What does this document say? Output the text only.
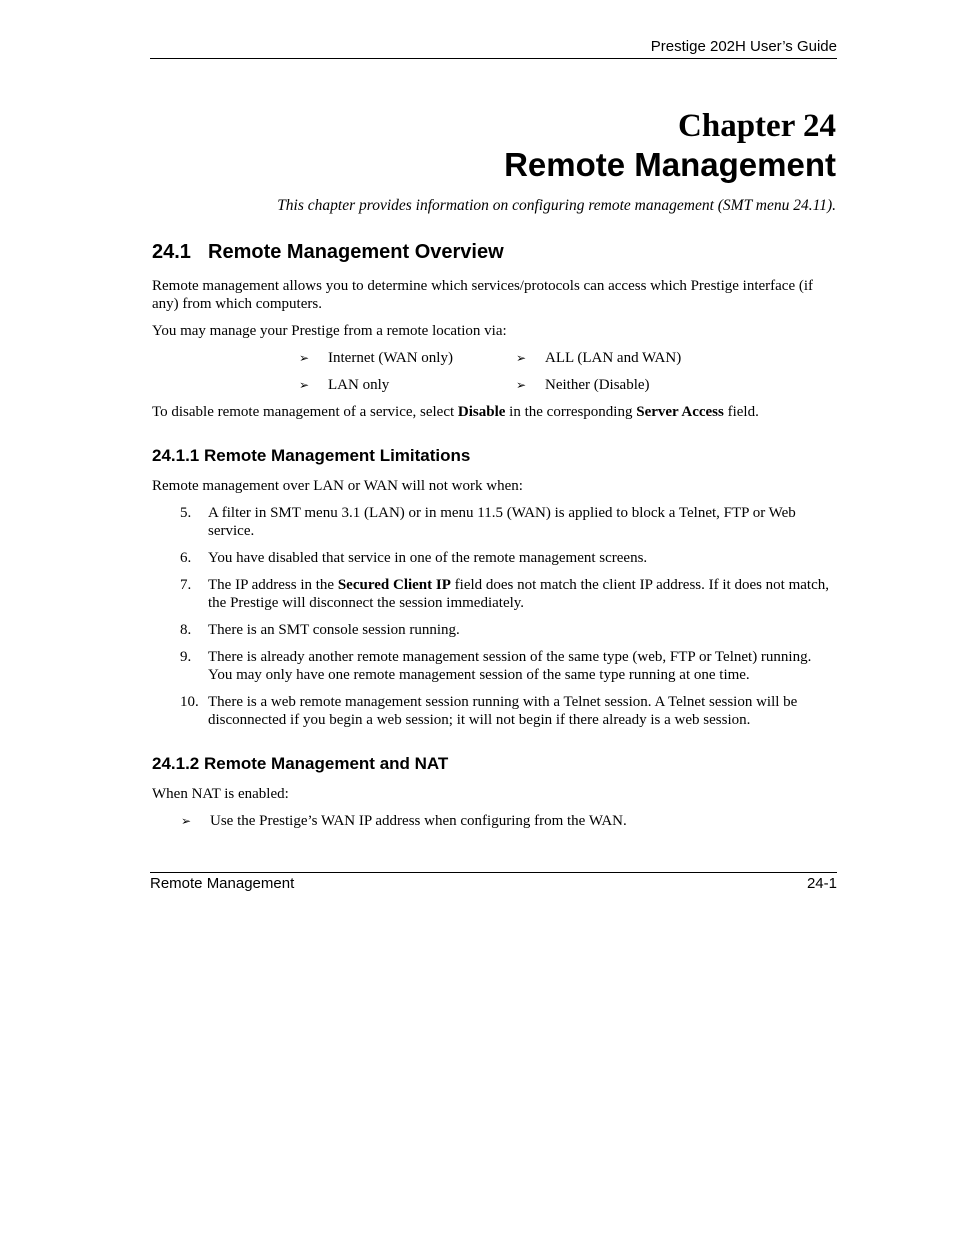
Prestige 202H User’s Guide
Chapter 24
Remote Management
This chapter provides information on configuring remote management (SMT menu 24.11).
24.1 Remote Management Overview

Remote management allows you to determine which services/protocols can access which Prestige interface (if any) from which computers.

You may manage your Prestige from a remote location via:

➢	Internet (WAN only)	➢	ALL (LAN and WAN)
➢	LAN only	➢	Neither (Disable)

To disable remote management of a service, select Disable in the corresponding Server Access field.

24.1.1 Remote Management Limitations

Remote management over LAN or WAN will not work when:

5.	A filter in SMT menu 3.1 (LAN) or in menu 11.5 (WAN) is applied to block a Telnet, FTP or Web service.
6.	You have disabled that service in one of the remote management screens.
7.	The IP address in the Secured Client IP field does not match the client IP address. If it does not match, the Prestige will disconnect the session immediately.
8.	There is an SMT console session running.
9.	There is already another remote management session of the same type (web, FTP or Telnet) running. You may only have one remote management session of the same type running at one time.
10. There is a web remote management session running with a Telnet session. A Telnet session will be disconnected if you begin a web session; it will not begin if there already is a web session.
24.1.2 Remote Management and NAT

When NAT is enabled:

➢	Use the Prestige’s WAN IP address when configuring from the WAN.
Remote Management	24-1
